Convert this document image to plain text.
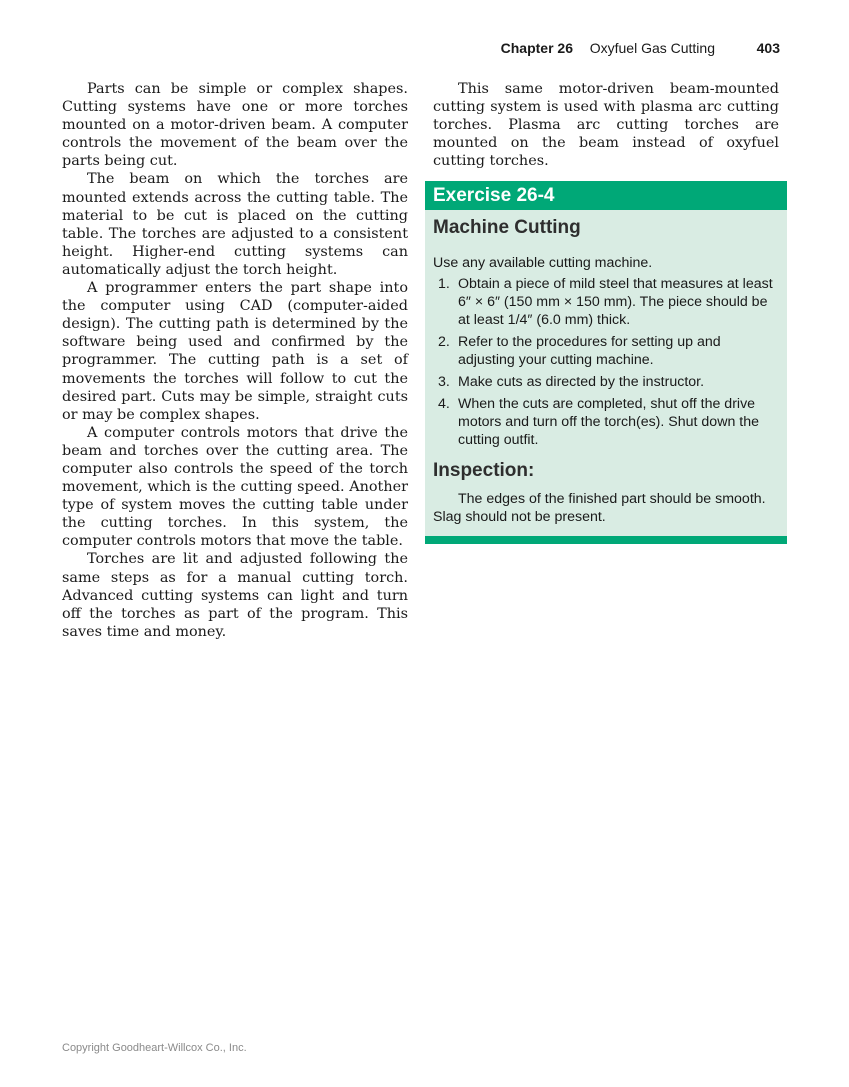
Chapter 26 Oxyfuel Gas Cutting	403

Parts can be simple or complex shapes. Cutting systems have one or more torches mounted on a motor-driven beam. A computer controls the movement of the beam over the parts being cut.

The beam on which the torches are mounted extends across the cutting table. The material to be cut is placed on the cutting table. The torches are adjusted to a consistent height. Higher-end cutting systems can automatically adjust the torch height.

A programmer enters the part shape into the computer using CAD (computer-aided design). The cutting path is determined by the software being used and confirmed by the programmer. The cutting path is a set of movements the torches will follow to cut the desired part. Cuts may be simple, straight cuts or may be complex shapes.

A computer controls motors that drive the beam and torches over the cutting area. The computer also controls the speed of the torch movement, which is the cutting speed. Another type of system moves the cutting table under the cutting torches. In this system, the computer controls motors that move the table.

Torches are lit and adjusted following the same steps as for a manual cutting torch. Advanced cutting systems can light and turn off the torches as part of the program. This saves time and money.

This same motor-driven beam-mounted cutting system is used with plasma arc cutting torches. Plasma arc cutting torches are mounted on the beam instead of oxyfuel cutting torches.

Exercise 26-4
Machine Cutting
Use any available cutting machine.
1. Obtain a piece of mild steel that measures at least 6″ × 6″ (150 mm × 150 mm). The piece should be at least 1/4″ (6.0 mm) thick.
2. Refer to the procedures for setting up and adjusting your cutting machine.
3. Make cuts as directed by the instructor.
4. When the cuts are completed, shut off the drive motors and turn off the torch(es). Shut down the cutting outfit.
Inspection:
The edges of the finished part should be smooth. Slag should not be present.
Copyright Goodheart-Willcox Co., Inc.
